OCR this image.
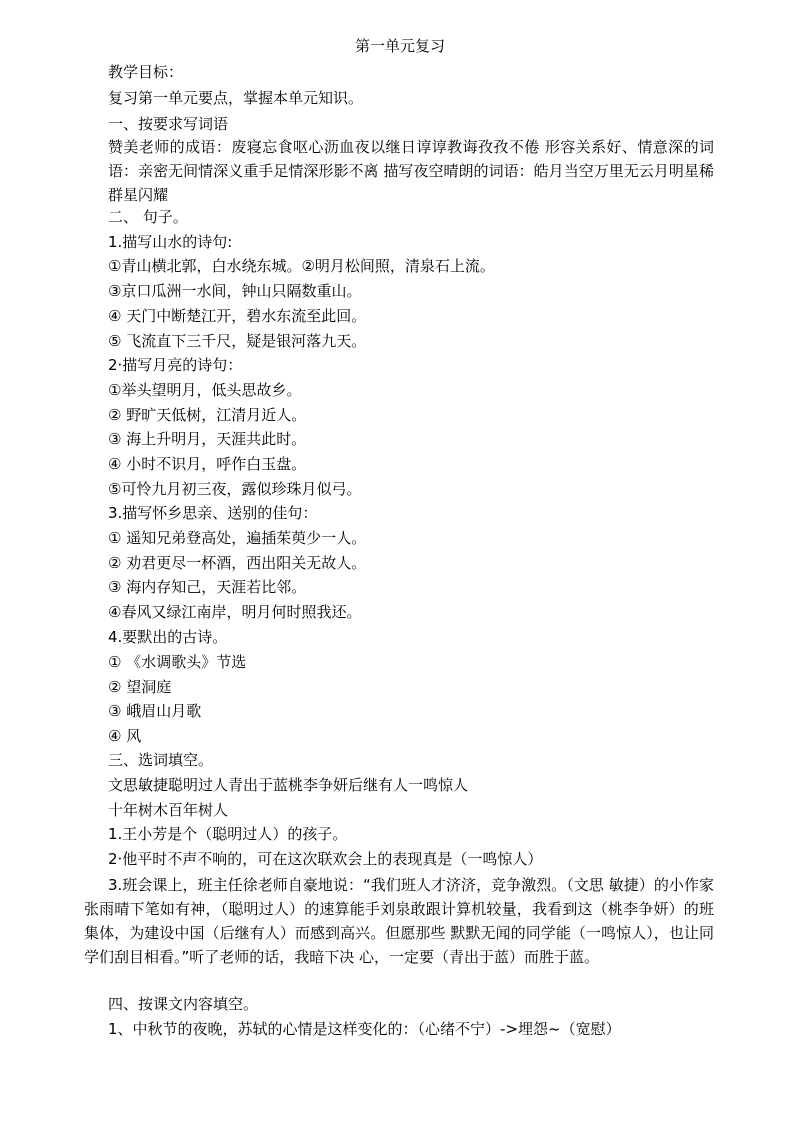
第一单元复习
教学目标：
复习第一单元要点，掌握本单元知识。
一、按要求写词语
赞美老师的成语：废寝忘食呕心沥血夜以继日谆谆教诲孜孜不倦 形容关系好、情意深的词语：亲密无间情深义重手足情深形影不离 描写夜空晴朗的词语：皓月当空万里无云月明星稀群星闪耀
二、 句子。
1.描写山水的诗句:
①青山横北郭，白水绕东城。②明月松间照，清泉石上流。
③京口瓜洲一水间，钟山只隔数重山。
④ 天门中断楚江开，碧水东流至此回。
⑤ 飞流直下三千尺，疑是银河落九天。
2·描写月亮的诗句：
①举头望明月，低头思故乡。
② 野旷天低树，江清月近人。
③ 海上升明月，天涯共此时。
④ 小时不识月，呼作白玉盘。
⑤可怜九月初三夜，露似珍珠月似弓。
3.描写怀乡思亲、送别的佳句：
① 遥知兄弟登高处，遍插茱萸少一人。
② 劝君更尽一杯酒，西出阳关无故人。
③ 海内存知己，天涯若比邻。
④春风又绿江南岸，明月何时照我还。
4.要默出的古诗。
① 《水调歌头》节选
② 望洞庭
③ 峨眉山月歌
④ 风
三、选词填空。
文思敏捷聪明过人青出于蓝桃李争妍后继有人一鸣惊人
十年树木百年树人
1.王小芳是个（聪明过人）的孩子。
2·他平时不声不响的，可在这次联欢会上的表现真是（一鸣惊人）
3.班会课上，班主任徐老师自豪地说：“我们班人才济济，竞争激烈。（文思 敏捷）的小作家张雨晴下笔如有神，（聪明过人）的速算能手刘泉敢跟计算机较量，我看到这（桃李争妍）的班集体，为建设中国（后继有人）而感到高兴。但愿那些 默默无闻的同学能（一鸣惊人），也让同学们刮目相看。”听了老师的话，我暗下决 心，一定要（青出于蓝）而胜于蓝。
四、按课文内容填空。
1、中秋节的夜晚，苏轼的心情是这样变化的：（心绪不宁）->埋怨~（宽慰）
